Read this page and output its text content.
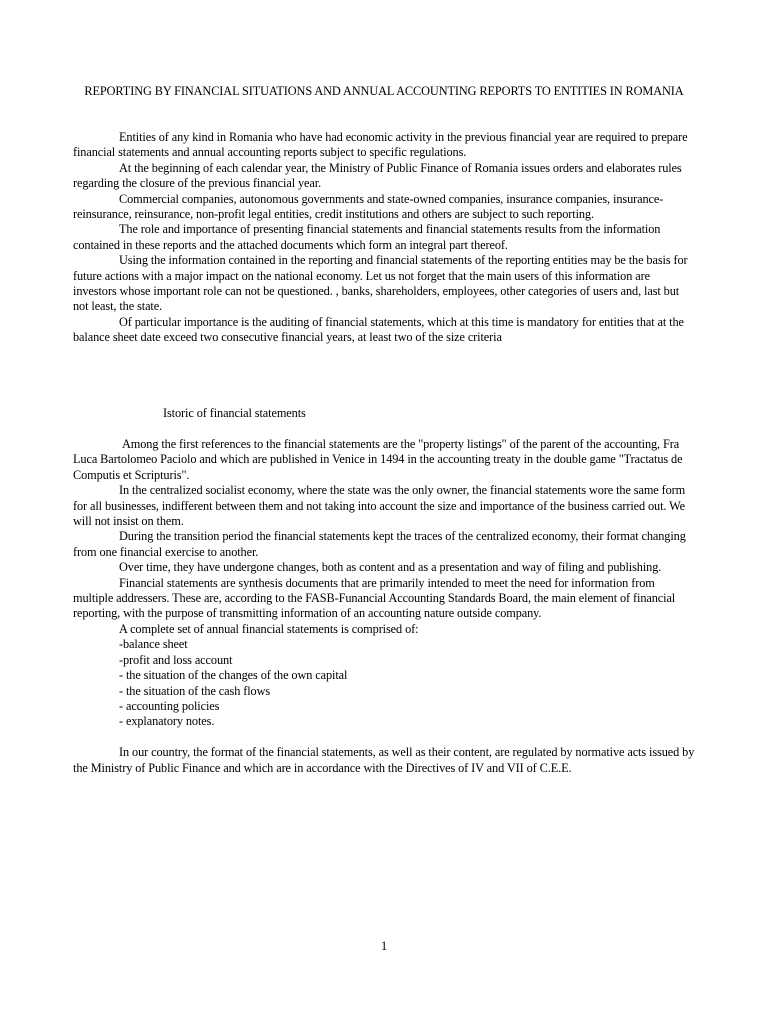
REPORTING BY FINANCIAL SITUATIONS AND ANNUAL ACCOUNTING REPORTS TO ENTITIES IN ROMANIA

Entities of any kind in Romania who have had economic activity in the previous financial year are required to prepare financial statements and annual accounting reports subject to specific regulations.

At the beginning of each calendar year, the Ministry of Public Finance of Romania issues orders and elaborates rules regarding the closure of the previous financial year.

Commercial companies, autonomous governments and state-owned companies, insurance companies, insurance-reinsurance, reinsurance, non-profit legal entities, credit institutions and others are subject to such reporting.

The role and importance of presenting financial statements and financial statements results from the information contained in these reports and the attached documents which form an integral part thereof.

Using the information contained in the reporting and financial statements of the reporting entities may be the basis for future actions with a major impact on the national economy. Let us not forget that the main users of this information are investors whose important role can not be questioned. , banks, shareholders, employees, other categories of users and, last but not least, the state.

Of particular importance is the auditing of financial statements, which at this time is mandatory for entities that at the balance sheet date exceed two consecutive financial years, at least two of the size criteria

Istoric of financial statements

Among the first references to the financial statements are the "property listings" of the parent of the accounting, Fra Luca Bartolomeo Paciolo and which are published in Venice in 1494 in the accounting treaty in the double game "Tractatus de Computis et Scripturis".

In the centralized socialist economy, where the state was the only owner, the financial statements wore the same form for all businesses, indifferent between them and not taking into account the size and importance of the business carried out. We will not insist on them.

During the transition period the financial statements kept the traces of the centralized economy, their format changing from one financial exercise to another.

Over time, they have undergone changes, both as content and as a presentation and way of filing and publishing.

Financial statements are synthesis documents that are primarily intended to meet the need for information from multiple addressers. These are, according to the FASB-Funancial Accounting Standards Board, the main element of financial reporting, with the purpose of transmitting information of an accounting nature outside company.

A complete set of annual financial statements is comprised of:

-balance sheet
-profit and loss account
- the situation of the changes of the own capital
- the situation of the cash flows
- accounting policies
- explanatory notes.

In our country, the format of the financial statements, as well as their content, are regulated by normative acts issued by the Ministry of Public Finance and which are in accordance with the Directives of IV and VII of C.E.E.

1
